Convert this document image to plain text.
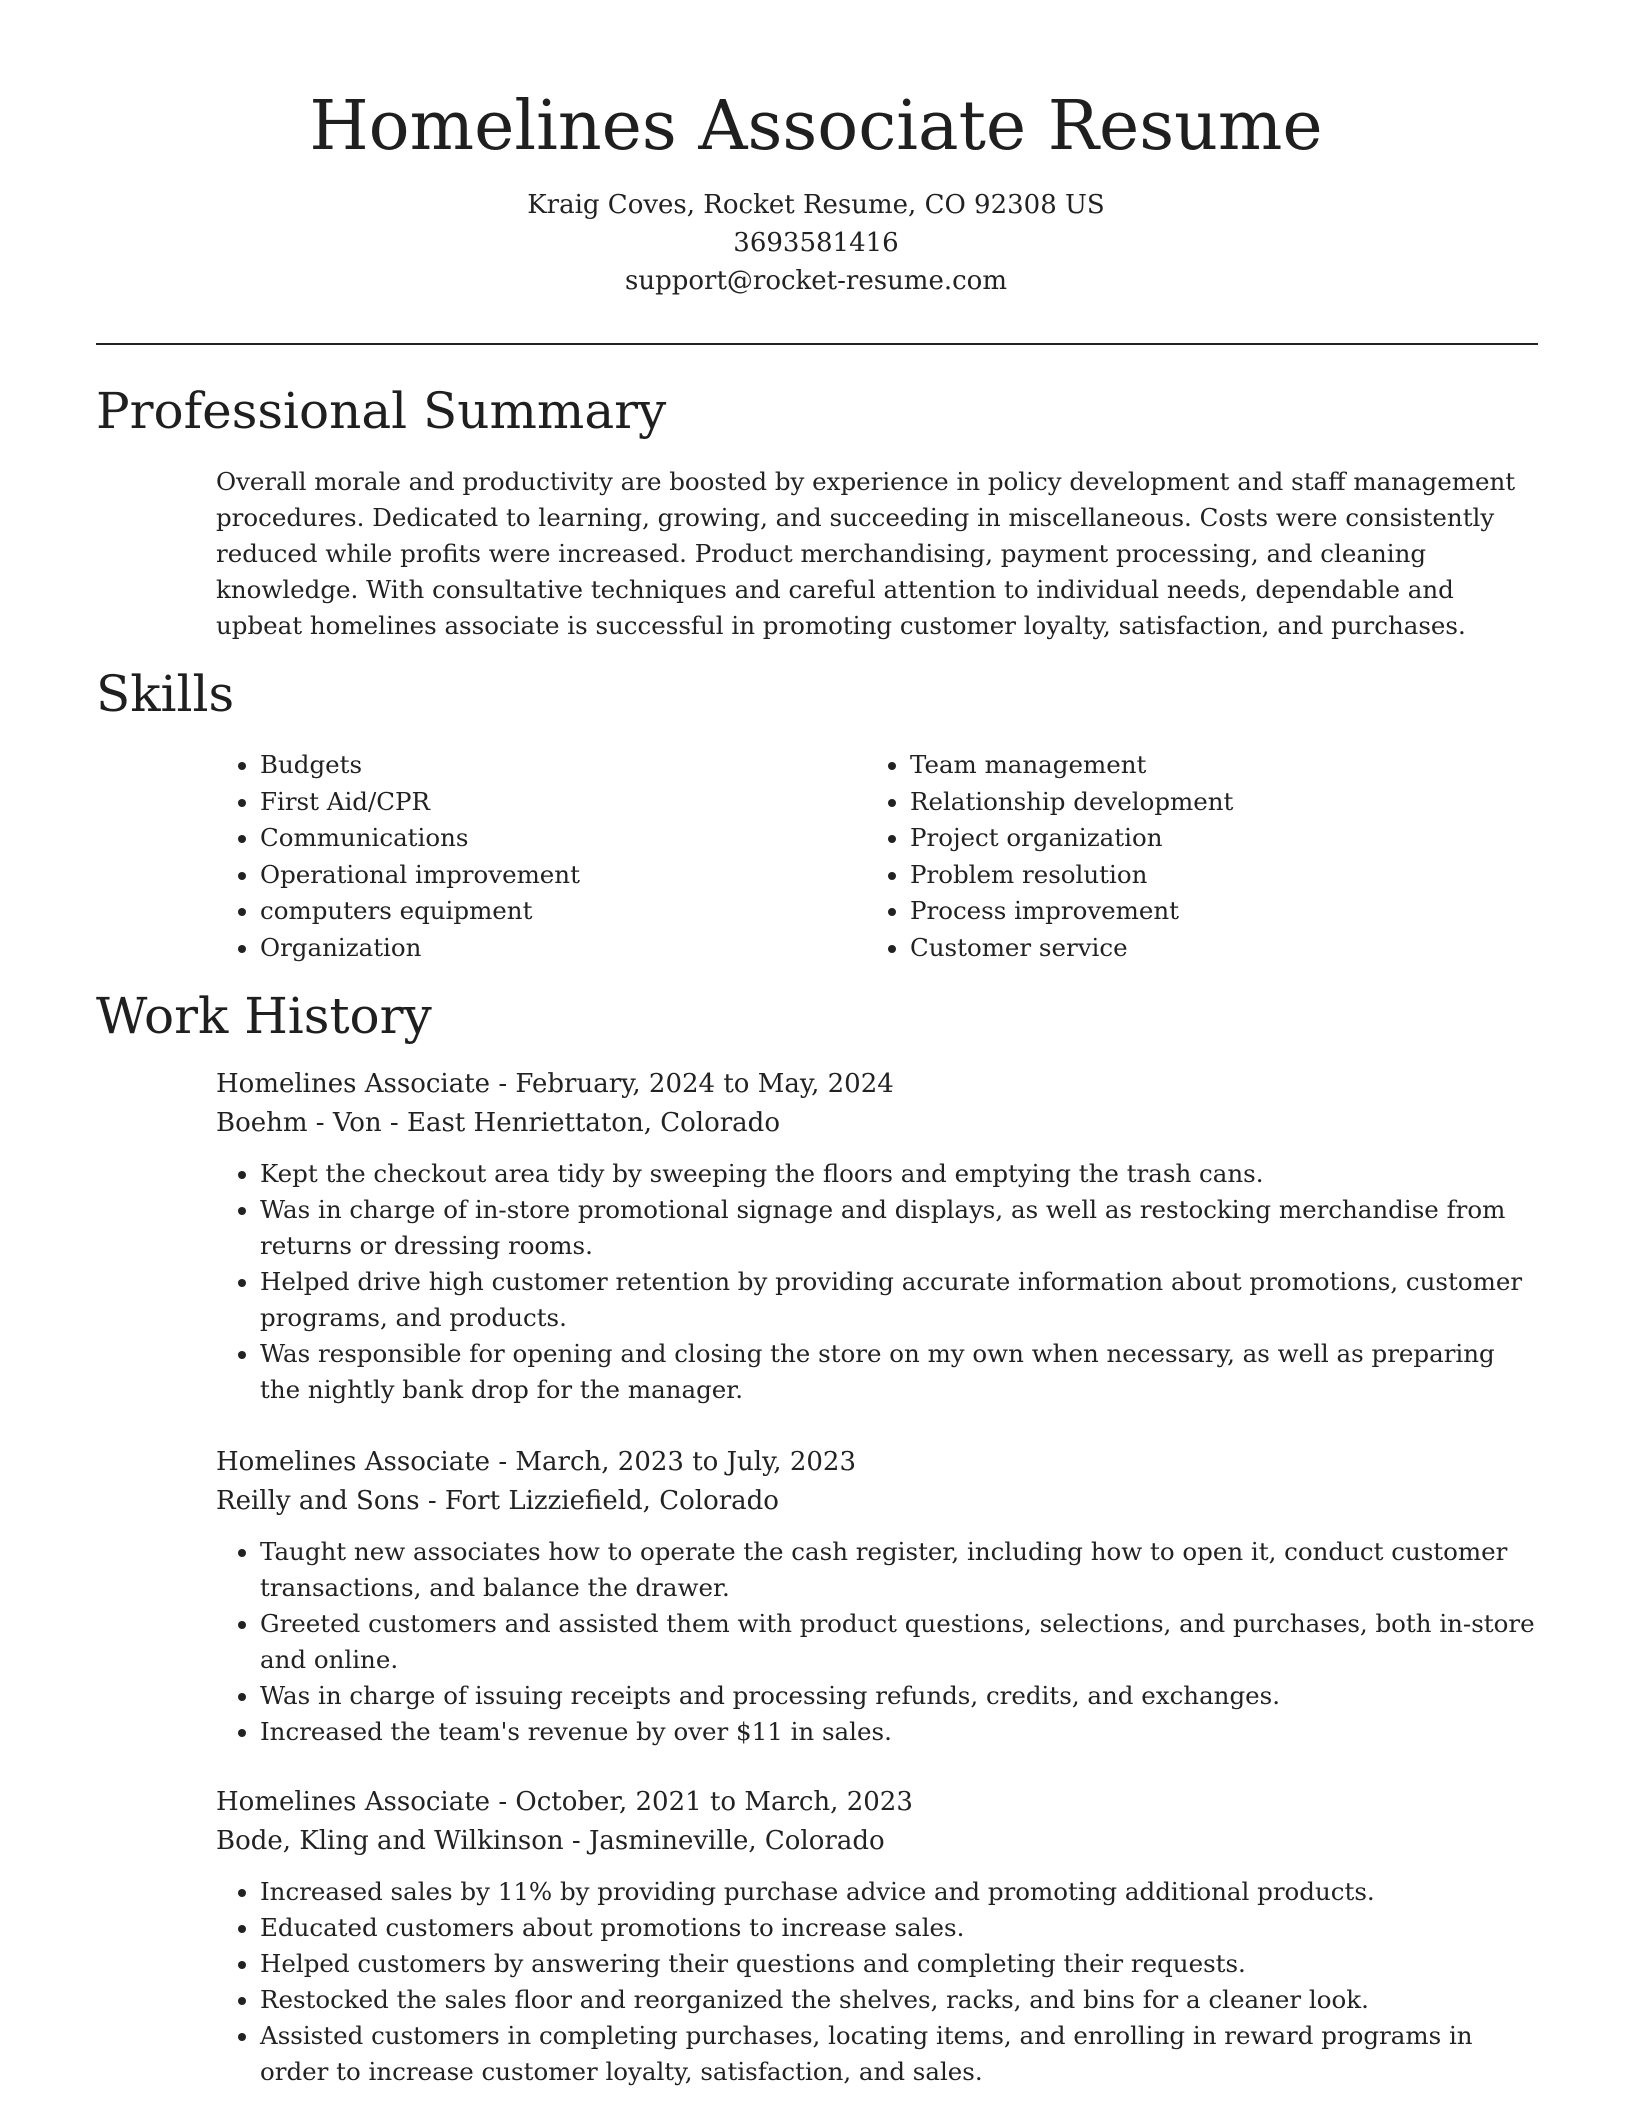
Homelines Associate Resume
Kraig Coves, Rocket Resume, CO 92308 US
3693581416
support@rocket-resume.com
Professional Summary

Overall morale and productivity are boosted by experience in policy development and staff management procedures. Dedicated to learning, growing, and succeeding in miscellaneous. Costs were consistently reduced while profits were increased. Product merchandising, payment processing, and cleaning knowledge. With consultative techniques and careful attention to individual needs, dependable and upbeat homelines associate is successful in promoting customer loyalty, satisfaction, and purchases.

Skills
• Budgets
• First Aid/CPR
• Communications
• Operational improvement
• computers equipment
• Organization
• Team management
• Relationship development
• Project organization
• Problem resolution
• Process improvement
• Customer service
Work History
Homelines Associate - February, 2024 to May, 2024
Boehm - Von - East Henriettaton, Colorado
• Kept the checkout area tidy by sweeping the floors and emptying the trash cans.
• Was in charge of in-store promotional signage and displays, as well as restocking merchandise from returns or dressing rooms.
• Helped drive high customer retention by providing accurate information about promotions, customer programs, and products.
• Was responsible for opening and closing the store on my own when necessary, as well as preparing the nightly bank drop for the manager.
Homelines Associate - March, 2023 to July, 2023
Reilly and Sons - Fort Lizziefield, Colorado
• Taught new associates how to operate the cash register, including how to open it, conduct customer transactions, and balance the drawer.
• Greeted customers and assisted them with product questions, selections, and purchases, both in-store and online.
• Was in charge of issuing receipts and processing refunds, credits, and exchanges.
• Increased the team's revenue by over $11 in sales.
Homelines Associate - October, 2021 to March, 2023
Bode, Kling and Wilkinson - Jasmineville, Colorado
• Increased sales by 11% by providing purchase advice and promoting additional products.
• Educated customers about promotions to increase sales.
• Helped customers by answering their questions and completing their requests.
• Restocked the sales floor and reorganized the shelves, racks, and bins for a cleaner look.
• Assisted customers in completing purchases, locating items, and enrolling in reward programs in order to increase customer loyalty, satisfaction, and sales.
